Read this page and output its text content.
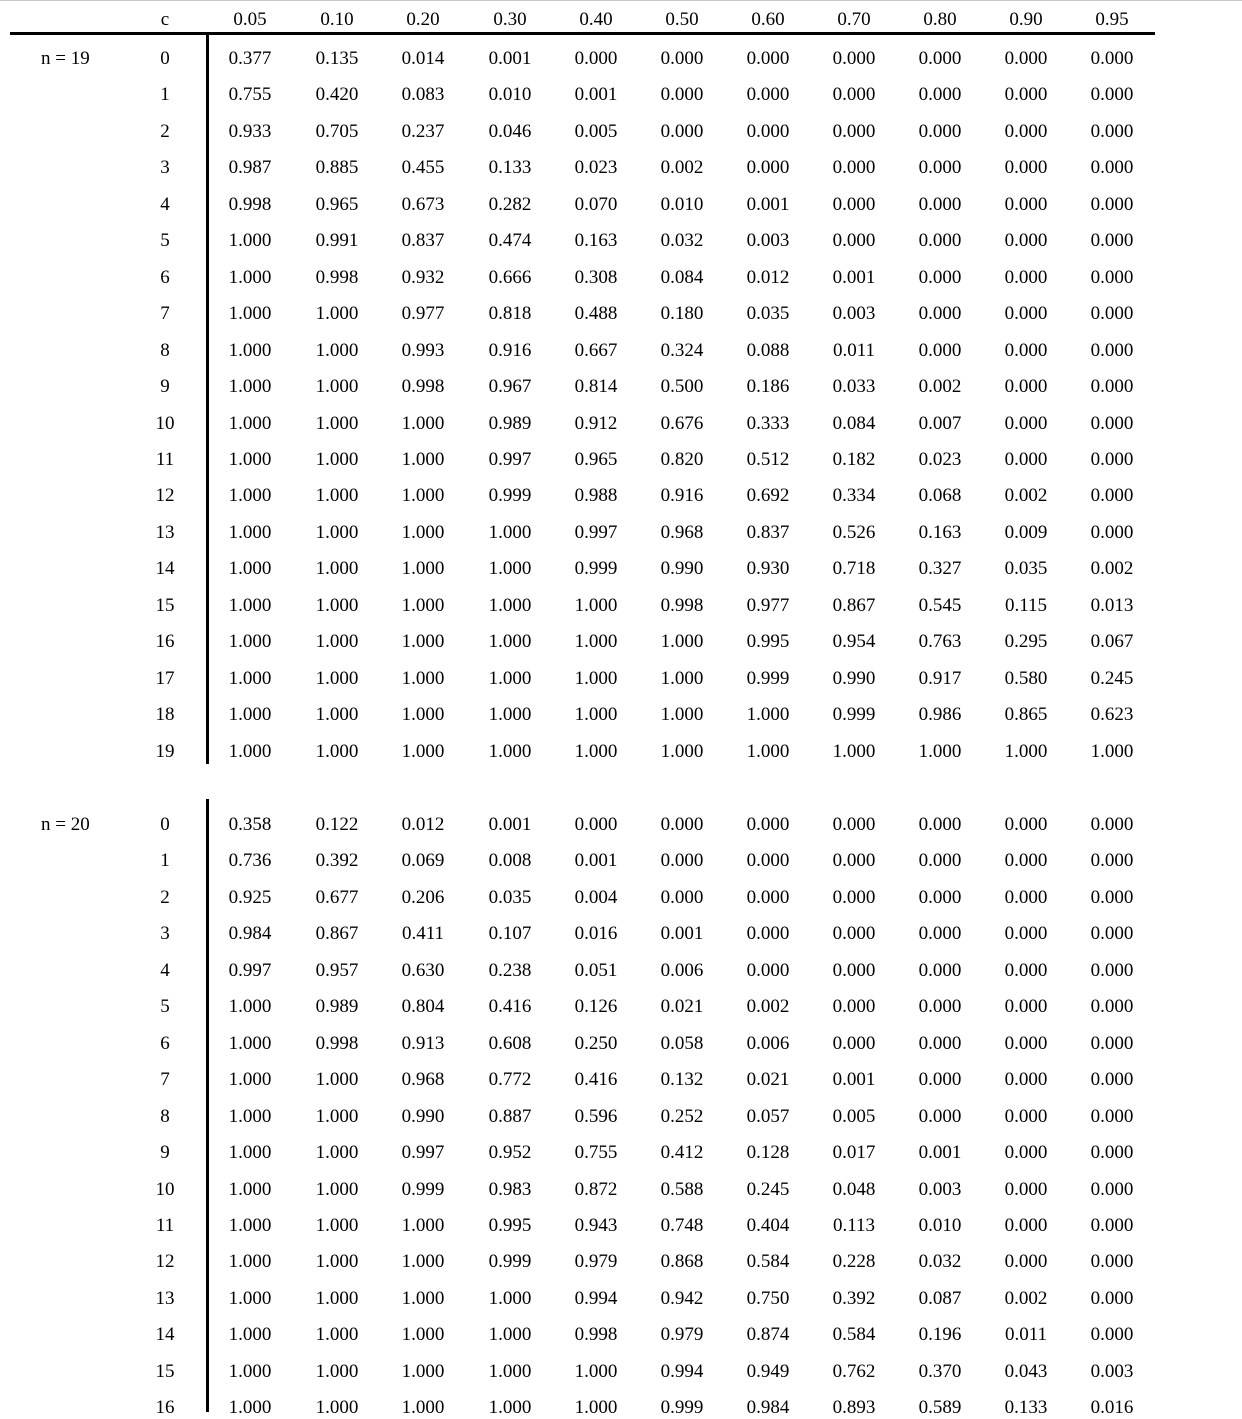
c	0.05	0.10	0.20	0.30	0.40	0.50	0.60	0.70	0.80	0.90	0.95
n = 19	0	0.377	0.135	0.014	0.001	0.000	0.000	0.000	0.000	0.000	0.000	0.000
1	0.755	0.420	0.083	0.010	0.001	0.000	0.000	0.000	0.000	0.000	0.000
2	0.933	0.705	0.237	0.046	0.005	0.000	0.000	0.000	0.000	0.000	0.000
3	0.987	0.885	0.455	0.133	0.023	0.002	0.000	0.000	0.000	0.000	0.000
4	0.998	0.965	0.673	0.282	0.070	0.010	0.001	0.000	0.000	0.000	0.000
5	1.000	0.991	0.837	0.474	0.163	0.032	0.003	0.000	0.000	0.000	0.000
6	1.000	0.998	0.932	0.666	0.308	0.084	0.012	0.001	0.000	0.000	0.000
7	1.000	1.000	0.977	0.818	0.488	0.180	0.035	0.003	0.000	0.000	0.000
8	1.000	1.000	0.993	0.916	0.667	0.324	0.088	0.011	0.000	0.000	0.000
9	1.000	1.000	0.998	0.967	0.814	0.500	0.186	0.033	0.002	0.000	0.000
10	1.000	1.000	1.000	0.989	0.912	0.676	0.333	0.084	0.007	0.000	0.000
11	1.000	1.000	1.000	0.997	0.965	0.820	0.512	0.182	0.023	0.000	0.000
12	1.000	1.000	1.000	0.999	0.988	0.916	0.692	0.334	0.068	0.002	0.000
13	1.000	1.000	1.000	1.000	0.997	0.968	0.837	0.526	0.163	0.009	0.000
14	1.000	1.000	1.000	1.000	0.999	0.990	0.930	0.718	0.327	0.035	0.002
15	1.000	1.000	1.000	1.000	1.000	0.998	0.977	0.867	0.545	0.115	0.013
16	1.000	1.000	1.000	1.000	1.000	1.000	0.995	0.954	0.763	0.295	0.067
17	1.000	1.000	1.000	1.000	1.000	1.000	0.999	0.990	0.917	0.580	0.245
18	1.000	1.000	1.000	1.000	1.000	1.000	1.000	0.999	0.986	0.865	0.623
19	1.000	1.000	1.000	1.000	1.000	1.000	1.000	1.000	1.000	1.000	1.000
n = 20	0	0.358	0.122	0.012	0.001	0.000	0.000	0.000	0.000	0.000	0.000	0.000
1	0.736	0.392	0.069	0.008	0.001	0.000	0.000	0.000	0.000	0.000	0.000
2	0.925	0.677	0.206	0.035	0.004	0.000	0.000	0.000	0.000	0.000	0.000
3	0.984	0.867	0.411	0.107	0.016	0.001	0.000	0.000	0.000	0.000	0.000
4	0.997	0.957	0.630	0.238	0.051	0.006	0.000	0.000	0.000	0.000	0.000
5	1.000	0.989	0.804	0.416	0.126	0.021	0.002	0.000	0.000	0.000	0.000
6	1.000	0.998	0.913	0.608	0.250	0.058	0.006	0.000	0.000	0.000	0.000
7	1.000	1.000	0.968	0.772	0.416	0.132	0.021	0.001	0.000	0.000	0.000
8	1.000	1.000	0.990	0.887	0.596	0.252	0.057	0.005	0.000	0.000	0.000
9	1.000	1.000	0.997	0.952	0.755	0.412	0.128	0.017	0.001	0.000	0.000
10	1.000	1.000	0.999	0.983	0.872	0.588	0.245	0.048	0.003	0.000	0.000
11	1.000	1.000	1.000	0.995	0.943	0.748	0.404	0.113	0.010	0.000	0.000
12	1.000	1.000	1.000	0.999	0.979	0.868	0.584	0.228	0.032	0.000	0.000
13	1.000	1.000	1.000	1.000	0.994	0.942	0.750	0.392	0.087	0.002	0.000
14	1.000	1.000	1.000	1.000	0.998	0.979	0.874	0.584	0.196	0.011	0.000
15	1.000	1.000	1.000	1.000	1.000	0.994	0.949	0.762	0.370	0.043	0.003
16	1.000	1.000	1.000	1.000	1.000	0.999	0.984	0.893	0.589	0.133	0.016
